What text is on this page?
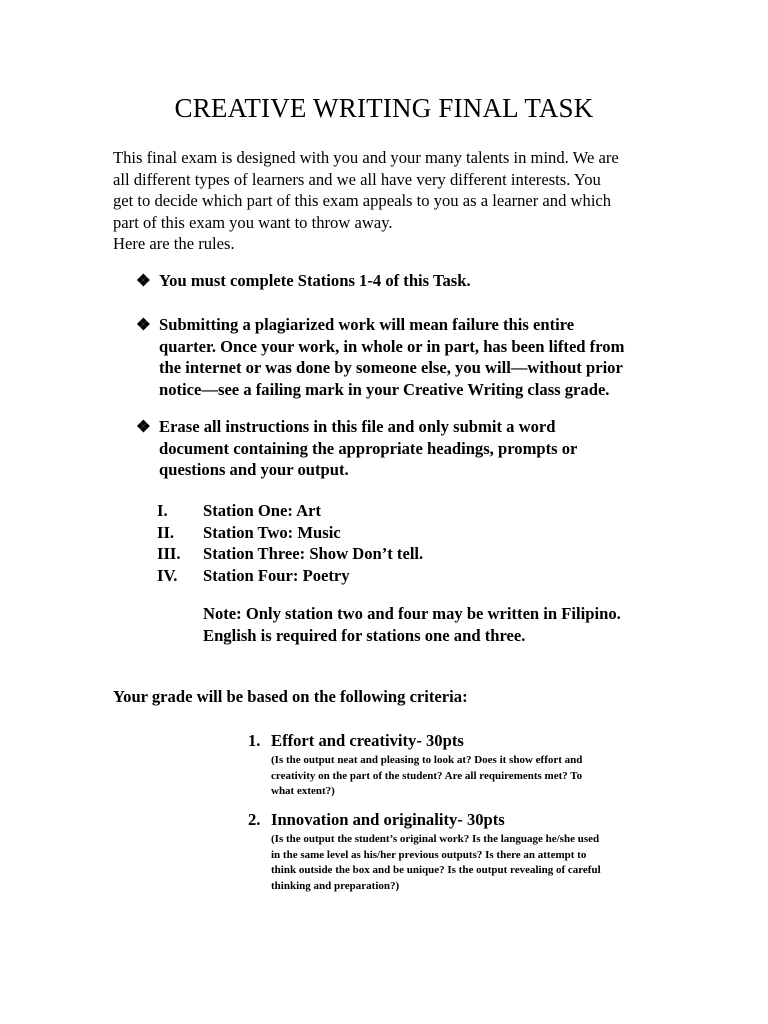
CREATIVE WRITING FINAL TASK
This final exam is designed with you and your many talents in mind. We are
all different types of learners and we all have very different interests. You
get to decide which part of this exam appeals to you as a learner and which
part of this exam you want to throw away.
Here are the rules.
❖ You must complete Stations 1-4 of this Task.
❖ Submitting a plagiarized work will mean failure this entire
quarter. Once your work, in whole or in part, has been lifted from
the internet or was done by someone else, you will—without prior
notice—see a failing mark in your Creative Writing class grade.
❖ Erase all instructions in this file and only submit a word
document containing the appropriate headings, prompts or
questions and your output.
I. Station One: Art
II. Station Two: Music
III. Station Three: Show Don’t tell.
IV. Station Four: Poetry
Note: Only station two and four may be written in Filipino.
English is required for stations one and three.
Your grade will be based on the following criteria:
1. Effort and creativity- 30pts
(Is the output neat and pleasing to look at? Does it show effort and
creativity on the part of the student? Are all requirements met? To
what extent?)
2. Innovation and originality- 30pts
(Is the output the student’s original work? Is the language he/she used
in the same level as his/her previous outputs? Is there an attempt to
think outside the box and be unique? Is the output revealing of careful
thinking and preparation?)
